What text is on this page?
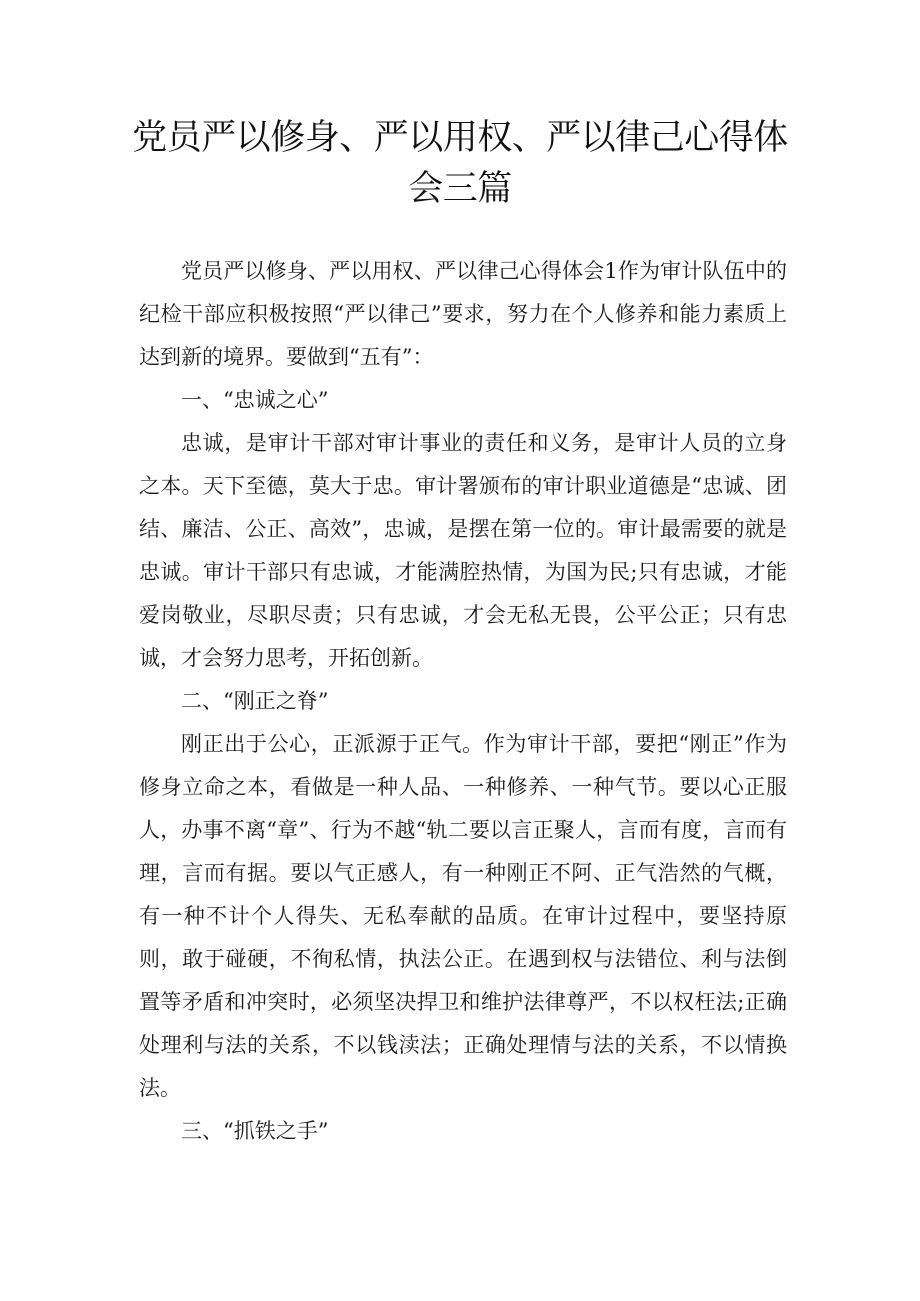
党员严以修身、严以用权、严以律己心得体
会三篇

党员严以修身、严以用权、严以律己心得体会1作为审计队伍中的纪检干部应积极按照“严以律己”要求，努力在个人修养和能力素质上达到新的境界。要做到“五有”：

一、“忠诚之心”

忠诚，是审计干部对审计事业的责任和义务，是审计人员的立身之本。天下至德，莫大于忠。审计署颁布的审计职业道德是“忠诚、团结、廉洁、公正、高效”，忠诚，是摆在第一位的。审计最需要的就是忠诚。审计干部只有忠诚，才能满腔热情，为国为民;只有忠诚，才能爱岗敬业，尽职尽责；只有忠诚，才会无私无畏，公平公正；只有忠诚，才会努力思考，开拓创新。

二、“刚正之脊”

刚正出于公心，正派源于正气。作为审计干部，要把“刚正”作为修身立命之本，看做是一种人品、一种修养、一种气节。要以心正服人，办事不离“章”、行为不越“轨二要以言正聚人，言而有度，言而有理，言而有据。要以气正感人，有一种刚正不阿、正气浩然的气概，有一种不计个人得失、无私奉献的品质。在审计过程中，要坚持原则，敢于碰硬，不徇私情，执法公正。在遇到权与法错位、利与法倒置等矛盾和冲突时，必须坚决捍卫和维护法律尊严，不以权枉法;正确处理利与法的关系，不以钱渎法；正确处理情与法的关系，不以情换法。

三、“抓铁之手”
